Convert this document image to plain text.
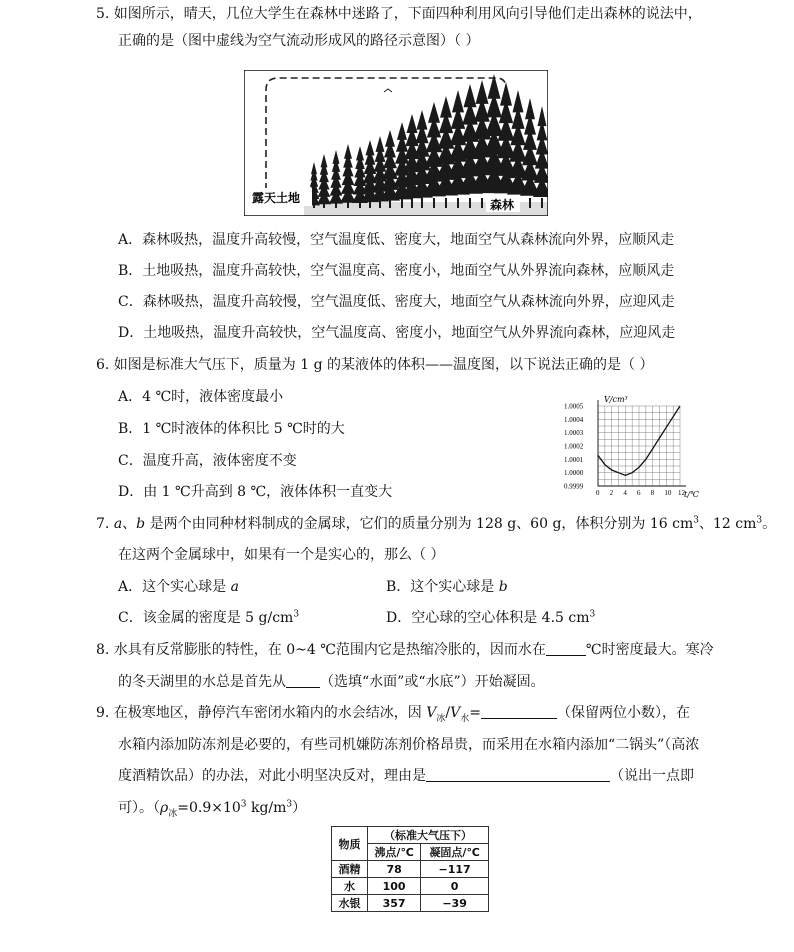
5. 如图所示，晴天，几位大学生在森林中迷路了，下面四种利用风向引导他们走出森林的说法中，
正确的是（图中虚线为空气流动形成风的路径示意图）（ ）
露天土地	森林
A．森林吸热，温度升高较慢，空气温度低、密度大，地面空气从森林流向外界，应顺风走
B．土地吸热，温度升高较快，空气温度高、密度小，地面空气从外界流向森林，应顺风走
C．森林吸热，温度升高较慢，空气温度低、密度大，地面空气从森林流向外界，应迎风走
D．土地吸热，温度升高较快，空气温度高、密度小，地面空气从外界流向森林，应迎风走
6. 如图是标准大气压下，质量为 1 g 的某液体的体积——温度图，以下说法正确的是（ ）
A．4 ℃时，液体密度最小
B．1 ℃时液体的体积比 5 ℃时的大
C．温度升高，液体密度不变
D．由 1 ℃升高到 8 ℃，液体体积一直变大	0 2 4 6 8 10 12
0.9999
1.0000
1.0001
1.0002
1.0003
1.0004
1.0005
V/cm³
t/℃
7. a、b 是两个由同种材料制成的金属球，它们的质量分别为 128 g、60 g，体积分别为 16 $cm^3$、12 $cm^3$。
在这两个金属球中，如果有一个是实心的，那么（ ）
A．这个实心球是 a	B．这个实心球是 b
C．该金属的密度是 5 $g/cm^3$	D．空心球的空心体积是 4.5 $cm^3$
8. 水具有反常膨胀的特性，在 0~4 ℃范围内它是热缩冷胀的，因而水在	℃时密度最大。寒冷
的冬天湖里的水总是首先从 （选填“水面”或“水底”）开始凝固。
9. 在极寒地区，静停汽车密闭水箱内的水会结冰，因 $V_冰/V_水=$	（保留两位小数），在
水箱内添加防冻剂是必要的，有些司机嫌防冻剂价格昂贵，而采用在水箱内添加“二锅头”（高浓
度酒精饮品）的办法，对此小明坚决反对，理由是	（说出一点即
可）。（$\rho_冰=0.9\times 10^3$ $kg/m^3$）
物质	（标准大气压下）	
	沸点/℃	凝固点/℃
酒精	78	−117
水	100	0
水银	357	−39
